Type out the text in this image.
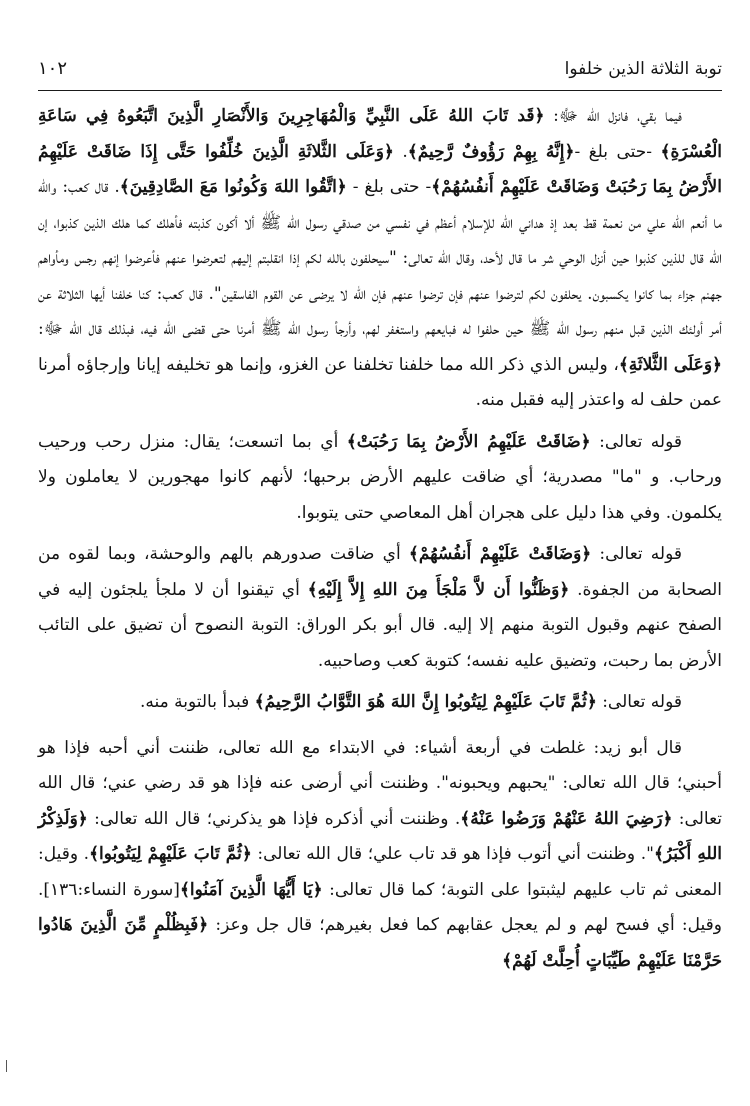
توبة الثلاثة الذين خلفوا
١٠٢

فيما بقي، فانزل الله ﷻ: ﴿قَد تَابَ اللهُ عَلَى النَّبِيِّ وَالْمُهَاجِرِينَ وَالأَنْصَارِ الَّذِينَ اتَّبَعُوهُ فِي سَاعَةِ الْعُسْرَةِ﴾ -حتى بلغ -﴿إِنَّهُ بِهِمْ رَؤُوفٌ رَّحِيمٌ﴾. ﴿وَعَلَى الثَّلاثَةِ الَّذِينَ خُلِّفُوا حَتَّى إِذَا ضَاقَتْ عَلَيْهِمُ الأَرْضُ بِمَا رَحُبَتْ وَضَاقَتْ عَلَيْهِمْ أَنفُسُهُمْ﴾- حتى بلغ - ﴿اتَّقُوا اللهَ وَكُونُوا مَعَ الصَّادِقِينَ﴾. قال كعب: والله ما أنعم الله علي من نعمة قط بعد إذ هداني الله للإسلام أعظم في نفسي من صدقي رسول الله ﷺ ألا أكون كذبته فأهلك كما هلك الذين كذبوا، إن الله قال للذين كذبوا حين أنزل الوحي شر ما قال لأحد، وقال الله تعالى: "سيحلفون بالله لكم إذا انقلبتم إليهم لتعرضوا عنهم فأعرضوا إنهم رجس ومأواهم جهنم جزاء بما كانوا يكسبون. يحلفون لكم لترضوا عنهم فإن ترضوا عنهم فإن الله لا يرضى عن القوم الفاسقين". قال كعب: كنا خلفنا أيها الثلاثة عن أمر أولئك الذين قبل منهم رسول الله ﷺ حين حلفوا له فبايعهم واستغفر لهم، وأرجأ رسول الله ﷺ أمرنا حتى قضى الله فيه، فبذلك قال الله ﷻ: ﴿وَعَلَى الثَّلاثَةِ﴾، وليس الذي ذكر الله مما خلفنا تخلفنا عن الغزو، وإنما هو تخليفه إيانا وإرجاؤه أمرنا عمن حلف له واعتذر إليه فقبل منه.

قوله تعالى: ﴿ضَاقَتْ عَلَيْهِمُ الأَرْضُ بِمَا رَحُبَتْ﴾ أي بما اتسعت؛ يقال: منزل رحب ورحيب ورحاب. و "ما" مصدرية؛ أي ضاقت عليهم الأرض برحبها؛ لأنهم كانوا مهجورين لا يعاملون ولا يكلمون. وفي هذا دليل على هجران أهل المعاصي حتى يتوبوا.

قوله تعالى: ﴿وَضَاقَتْ عَلَيْهِمْ أَنفُسُهُمْ﴾ أي ضاقت صدورهم بالهم والوحشة، وبما لقوه من الصحابة من الجفوة. ﴿وَظَنُّوا أَن لاَّ مَلْجَأَ مِنَ اللهِ إِلاَّ إِلَيْهِ﴾ أي تيقنوا أن لا ملجأ يلجئون إليه في الصفح عنهم وقبول التوبة منهم إلا إليه. قال أبو بكر الوراق: التوبة النصوح أن تضيق على التائب الأرض بما رحبت، وتضيق عليه نفسه؛ كتوبة كعب وصاحبيه.

قوله تعالى: ﴿ثُمَّ تَابَ عَلَيْهِمْ لِيَتُوبُوا إِنَّ اللهَ هُوَ التَّوَّابُ الرَّحِيمُ﴾ فبدأ بالتوبة منه.

قال أبو زيد: غلطت في أربعة أشياء: في الابتداء مع الله تعالى، ظننت أني أحبه فإذا هو أحبني؛ قال الله تعالى: "يحبهم ويحبونه". وظننت أني أرضى عنه فإذا هو قد رضي عني؛ قال الله تعالى: ﴿رَضِيَ اللهُ عَنْهُمْ وَرَضُوا عَنْهُ﴾. وظننت أني أذكره فإذا هو يذكرني؛ قال الله تعالى: ﴿وَلَذِكْرُ اللهِ أَكْبَرُ﴾". وظننت أني أتوب فإذا هو قد تاب علي؛ قال الله تعالى: ﴿ثُمَّ تَابَ عَلَيْهِمْ لِيَتُوبُوا﴾. وقيل: المعنى ثم تاب عليهم ليثبتوا على التوبة؛ كما قال تعالى: ﴿يَا أَيُّهَا الَّذِينَ آمَنُوا﴾[سورة النساء:١٣٦]. وقيل: أي فسح لهم و لم يعجل عقابهم كما فعل بغيرهم؛ قال جل وعز: ﴿فَبِظُلْمٍ مِّنَ الَّذِينَ هَادُوا حَرَّمْنَا عَلَيْهِمْ طَيِّبَاتٍ أُحِلَّتْ لَهُمْ﴾
